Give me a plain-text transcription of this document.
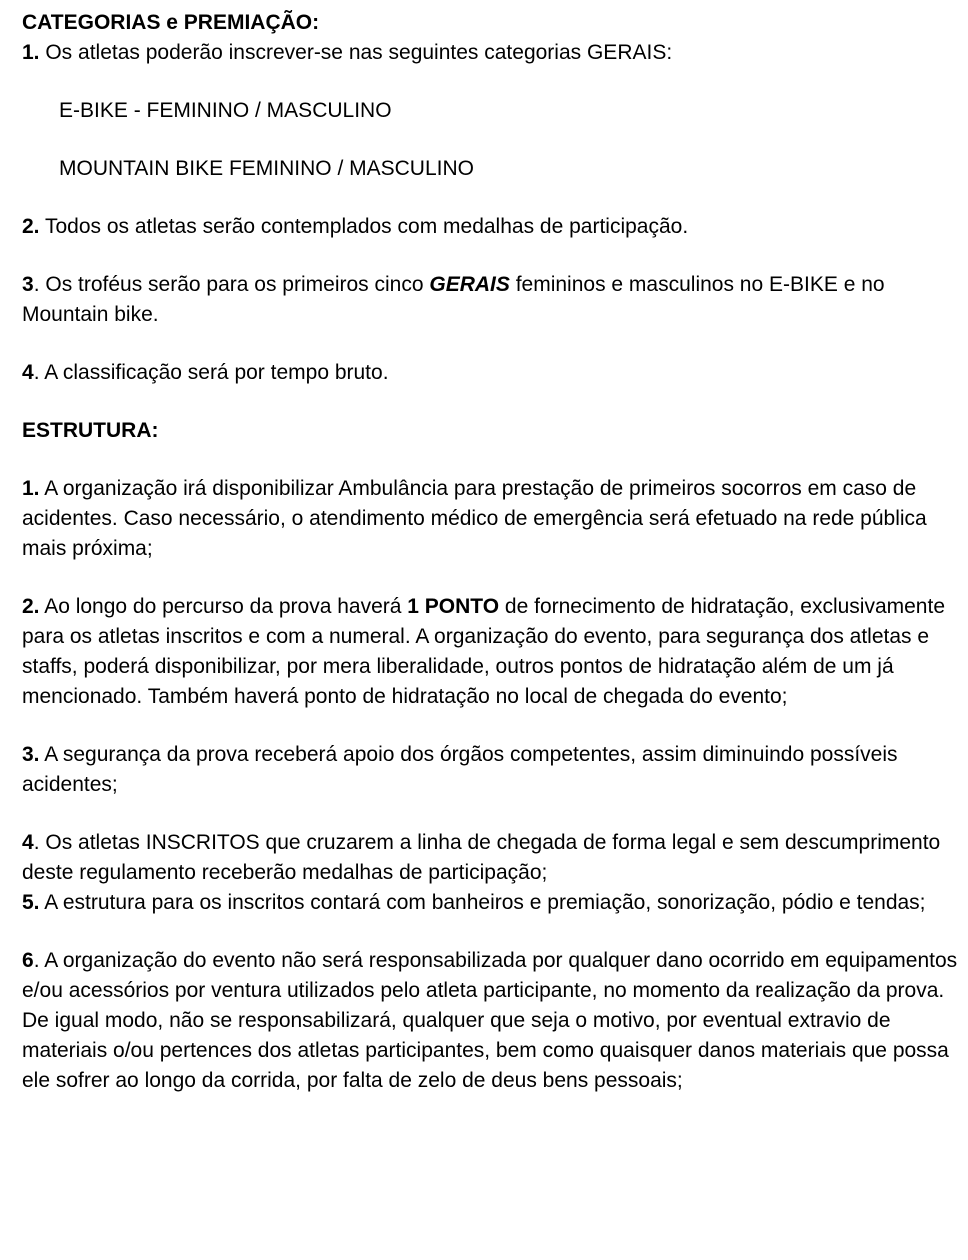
CATEGORIAS e PREMIAÇÃO:

1. Os atletas poderão inscrever-se nas seguintes categorias GERAIS:

E-BIKE - FEMININO / MASCULINO

MOUNTAIN BIKE FEMININO / MASCULINO

2. Todos os atletas serão contemplados com medalhas de participação.

3. Os troféus serão para os primeiros cinco GERAIS femininos e masculinos no E-BIKE e no Mountain bike.

4. A classificação será por tempo bruto.

ESTRUTURA:

1. A organização irá disponibilizar Ambulância para prestação de primeiros socorros em caso de acidentes. Caso necessário, o atendimento médico de emergência será efetuado na rede pública mais próxima;

2. Ao longo do percurso da prova haverá 1 PONTO de fornecimento de hidratação, exclusivamente para os atletas inscritos e com a numeral. A organização do evento, para segurança dos atletas e staffs, poderá disponibilizar, por mera liberalidade, outros pontos de hidratação além de um já mencionado. Também haverá ponto de hidratação no local de chegada do evento;

3. A segurança da prova receberá apoio dos órgãos competentes, assim diminuindo possíveis acidentes;

4. Os atletas INSCRITOS que cruzarem a linha de chegada de forma legal e sem descumprimento deste regulamento receberão medalhas de participação;

5. A estrutura para os inscritos contará com banheiros e premiação, sonorização, pódio e tendas;

6. A organização do evento não será responsabilizada por qualquer dano ocorrido em equipamentos e/ou acessórios por ventura utilizados pelo atleta participante, no momento da realização da prova. De igual modo, não se responsabilizará, qualquer que seja o motivo, por eventual extravio de materiais o/ou pertences dos atletas participantes, bem como quaisquer danos materiais que possa ele sofrer ao longo da corrida, por falta de zelo de deus bens pessoais;
